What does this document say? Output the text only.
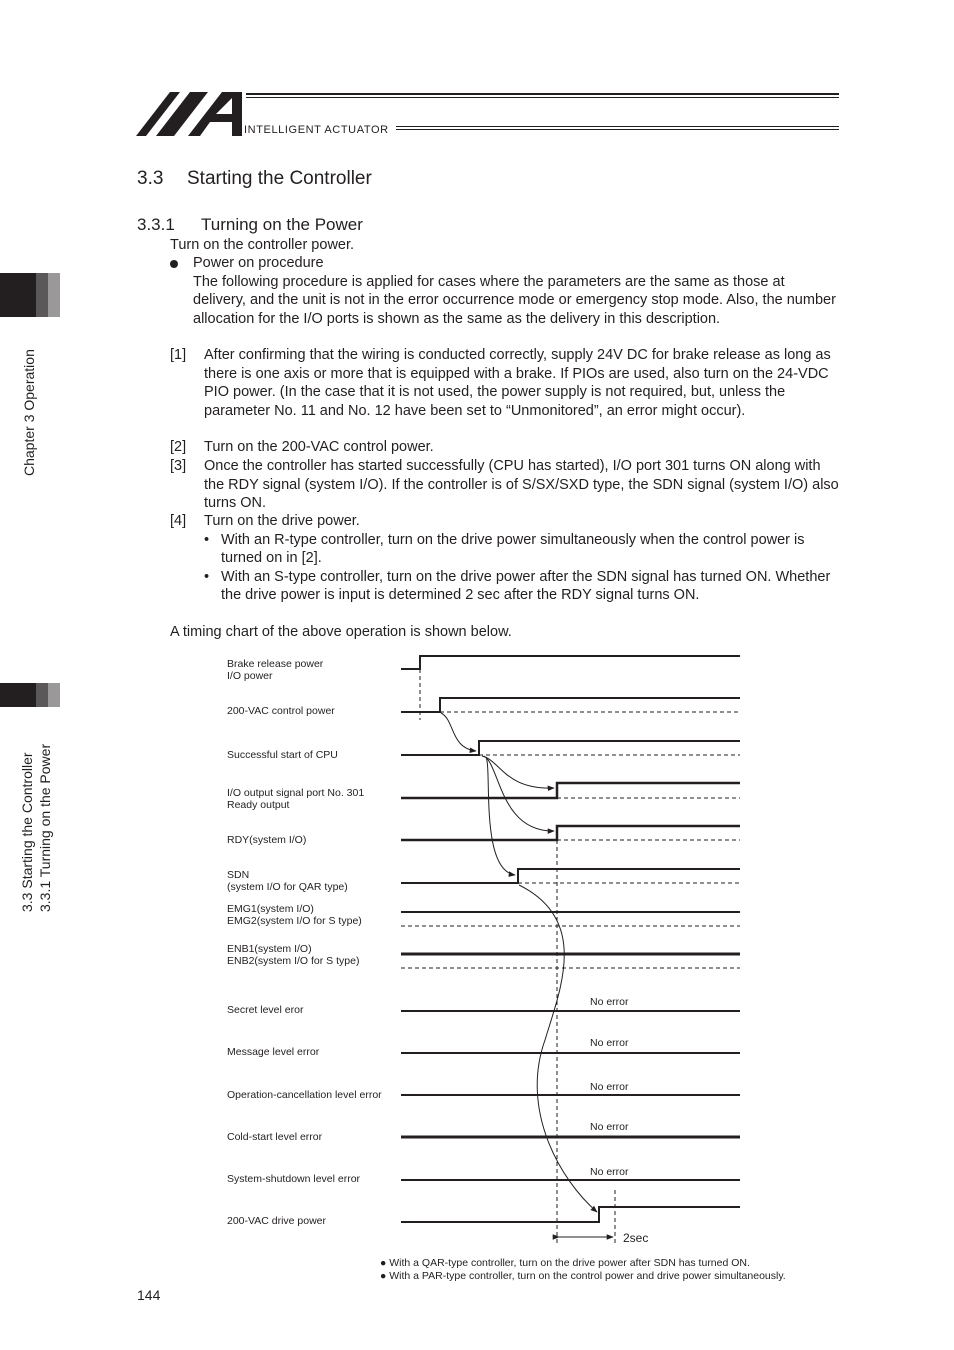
INTELLIGENT ACTUATOR
Chapter 3 Operation
3.3 Starting the Controller 3.3.1 Turning on the Power
3.3 Starting the Controller
3.3.1 Turning on the Power
Turn on the controller power.
Power on procedure
The following procedure is applied for cases where the parameters are the same as those at delivery, and the unit is not in the error occurrence mode or emergency stop mode. Also, the number allocation for the I/O ports is shown as the same as the delivery in this description.
[1] After confirming that the wiring is conducted correctly, supply 24V DC for brake release as long as there is one axis or more that is equipped with a brake. If PIOs are used, also turn on the 24-VDC PIO power. (In the case that it is not used, the power supply is not required, but, unless the parameter No. 11 and No. 12 have been set to “Unmonitored”, an error might occur).
[2] Turn on the 200-VAC control power.
[3] Once the controller has started successfully (CPU has started), I/O port 301 turns ON along with the RDY signal (system I/O). If the controller is of S/SX/SXD type, the SDN signal (system I/O) also turns ON.
[4] Turn on the drive power.
• With an R-type controller, turn on the drive power simultaneously when the control power is turned on in [2].
• With an S-type controller, turn on the drive power after the SDN signal has turned ON. Whether the drive power is input is determined 2 sec after the RDY signal turns ON.
A timing chart of the above operation is shown below.
Brake release power
I/O power
200-VAC control power
Successful start of CPU
I/O output signal port No. 301
Ready output
RDY(system I/O)
SDN
(system I/O for QAR type)
EMG1(system I/O)
EMG2(system I/O for S type)
ENB1(system I/O)
ENB2(system I/O for S type)
Secret level eror
Message level error
Operation-cancellation level error
Cold-start level error
System-shutdown level error
200-VAC drive power
No error
No error
No error
No error
No error
2sec
● With a QAR-type controller, turn on the drive power after SDN has turned ON.
● With a PAR-type controller, turn on the control power and drive power simultaneously.
144
